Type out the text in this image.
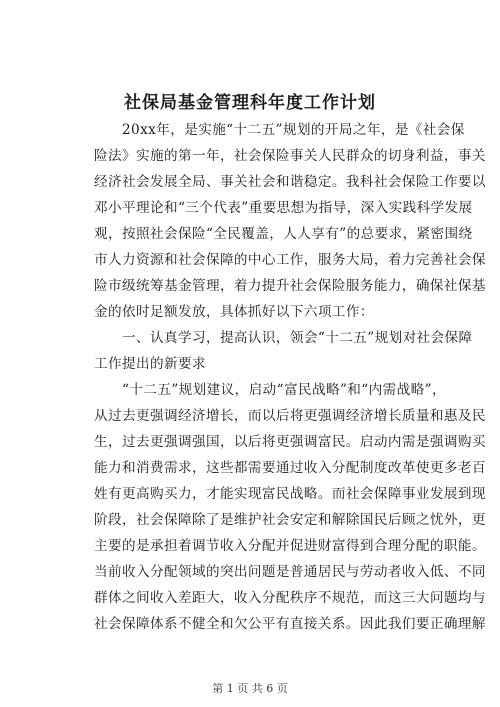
社保局基金管理科年度工作计划
　　20xx年，是实施“十二五”规划的开局之年，是《社会保
险法》实施的第一年，社会保险事关人民群众的切身利益，事关
经济社会发展全局、事关社会和谐稳定。我科社会保险工作要以
邓小平理论和“三个代表”重要思想为指导，深入实践科学发展
观，按照社会保险“全民覆盖，人人享有”的总要求，紧密围绕
市人力资源和社会保障的中心工作，服务大局，着力完善社会保
险市级统筹基金管理，着力提升社会保险服务能力，确保社保基
金的依时足额发放，具体抓好以下六项工作：
　　一、认真学习，提高认识，领会“十二五”规划对社会保障
工作提出的新要求
　　“十二五”规划建议，启动“富民战略”和“内需战略”，
从过去更强调经济增长，而以后将更强调经济增长质量和惠及民
生，过去更强调强国，以后将更强调富民。启动内需是强调购买
能力和消费需求，这些都需要通过收入分配制度改革使更多老百
姓有更高购买力，才能实现富民战略。而社会保障事业发展到现
阶段，社会保障除了是维护社会安定和解除国民后顾之忧外，更
主要的是承担着调节收入分配并促进财富得到合理分配的职能。
当前收入分配领域的突出问题是普通居民与劳动者收入低、不同
群体之间收入差距大，收入分配秩序不规范，而这三大问题均与
社会保障体系不健全和欠公平有直接关系。因此我们要正确理解
第 1 页 共 6 页
